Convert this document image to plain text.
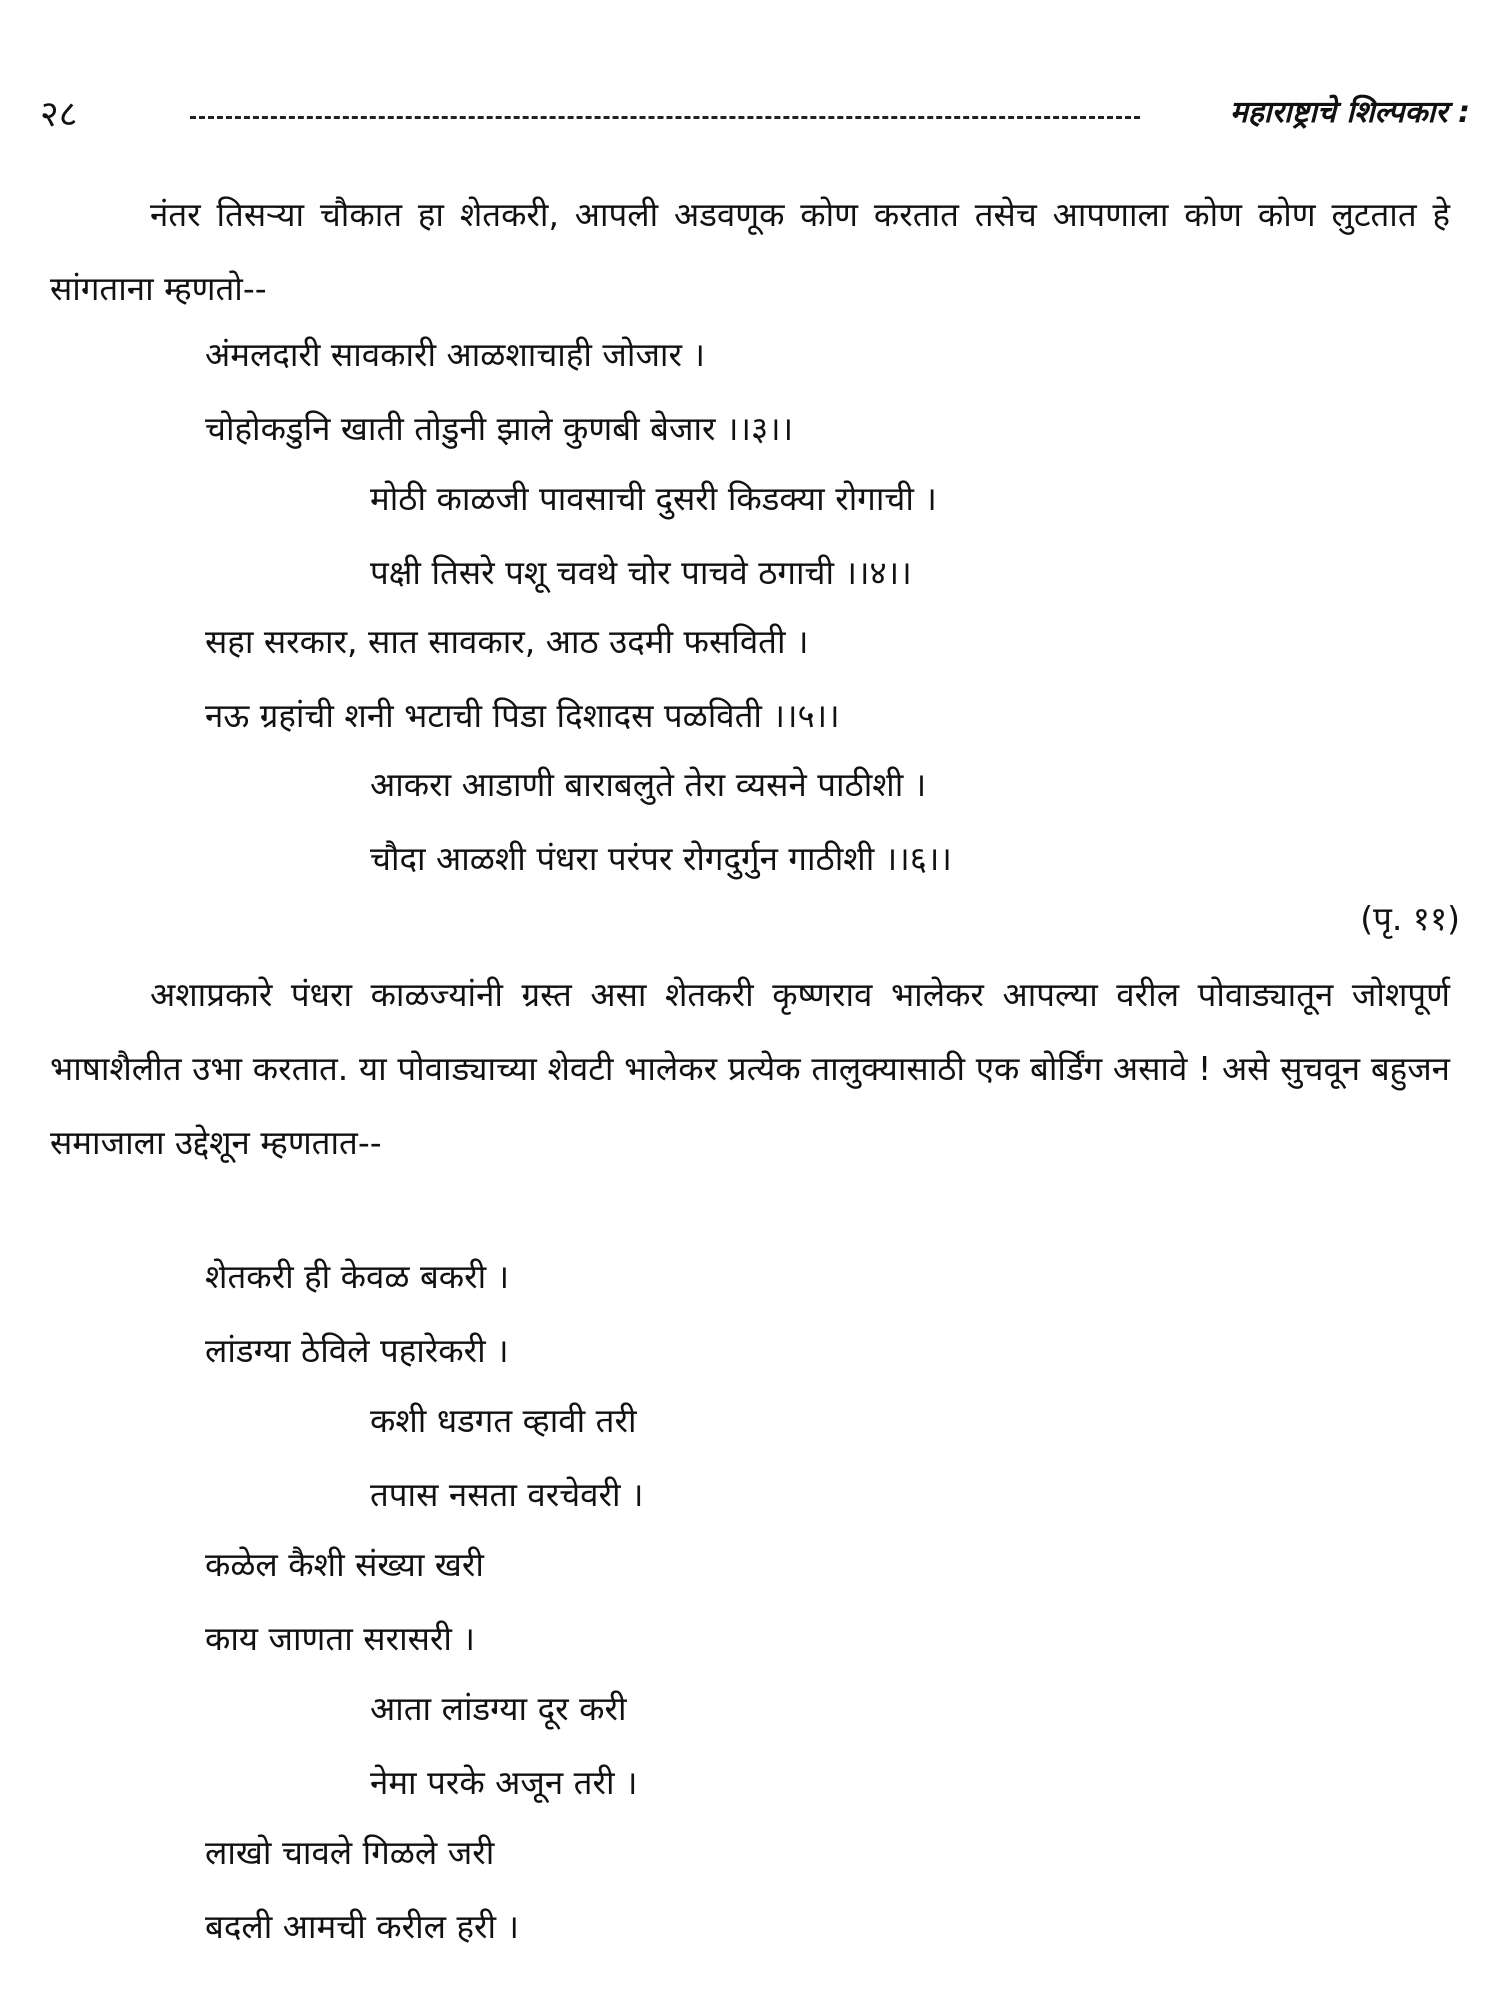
२८	महाराष्ट्राचे शिल्पकार :

नंतर तिसऱ्या चौकात हा शेतकरी, आपली अडवणूक कोण करतात तसेच आपणाला कोण कोण लुटतात हे सांगताना म्हणतो--

अंमलदारी सावकारी आळशाचाही जोजार ।
चोहोकडुनि खाती तोडुनी झाले कुणबी बेजार ।।३।।
मोठी काळजी पावसाची दुसरी किडक्या रोगाची ।
पक्षी तिसरे पशू चवथे चोर पाचवे ठगाची ।।४।।
सहा सरकार, सात सावकार, आठ उदमी फसविती ।
नऊ ग्रहांची शनी भटाची पिडा दिशादस पळविती ।।५।।
आकरा आडाणी बाराबलुते तेरा व्यसने पाठीशी ।
चौदा आळशी पंधरा परंपर रोगदुर्गुन गाठीशी ।।६।।
(पृ. ११)

अशाप्रकारे पंधरा काळज्यांनी ग्रस्त असा शेतकरी कृष्णराव भालेकर आपल्या वरील पोवाड्यातून जोशपूर्ण भाषाशैलीत उभा करतात. या पोवाड्याच्या शेवटी भालेकर प्रत्येक तालुक्यासाठी एक बोर्डिंग असावे ! असे सुचवून बहुजन समाजाला उद्देशून म्हणतात--

शेतकरी ही केवळ बकरी ।
लांडग्या ठेविले पहारेकरी ।
कशी धडगत व्हावी तरी
तपास नसता वरचेवरी ।
कळेल कैशी संख्या खरी
काय जाणता सरासरी ।
आता लांडग्या दूर करी
नेमा परके अजून तरी ।
लाखो चावले गिळले जरी
बदली आमची करील हरी ।
